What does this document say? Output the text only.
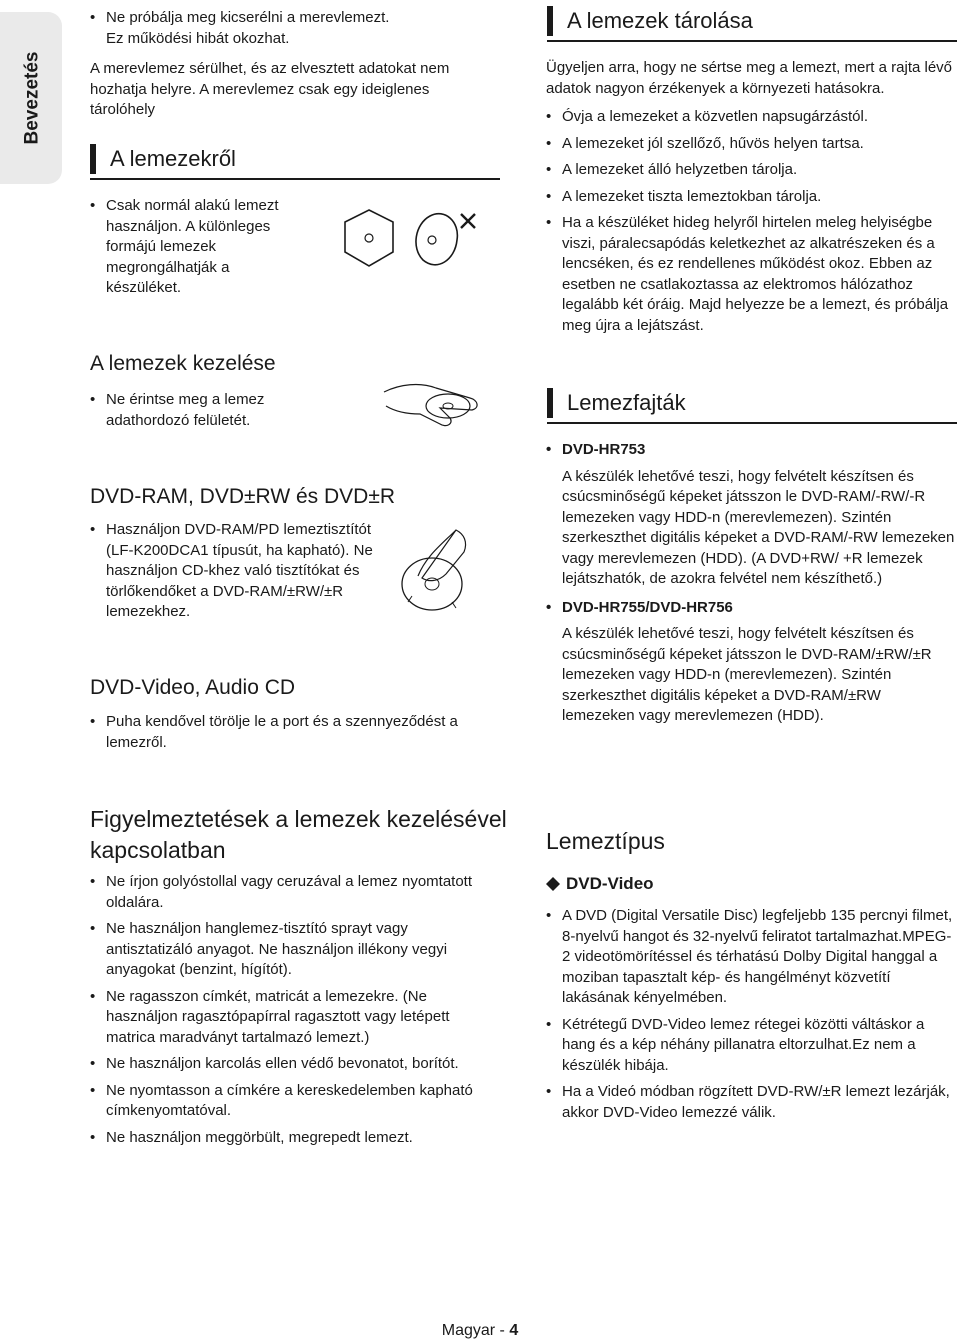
Bevezetés
• Ne próbálja meg kicserélni a merevlemezt.
Ez működési hibát okozhat.

A merevlemez sérülhet, és az elvesztett adatokat nem hozhatja helyre. A merevlemez csak egy ideiglenes tárolóhely

A lemezekről
• Csak normál alakú lemezt használjon. A különleges formájú lemezek megrongálhatják a készüléket.
A lemezek kezelése
• Ne érintse meg a lemez adathordozó felületét.
DVD-RAM, DVD±RW és DVD±R
• Használjon DVD-RAM/PD lemeztisztítót (LF-K200DCA1 típusút, ha kapható). Ne használjon CD-khez való tisztítókat és törlőkendőket a DVD-RAM/±RW/±R lemezekhez.
DVD-Video, Audio CD
• Puha kendővel törölje le a port és a szennyeződést a lemezről.
A lemezek tárolása

Ügyeljen arra, hogy ne sértse meg a lemezt, mert a rajta lévő adatok nagyon érzékenyek a környezeti hatásokra.

• Óvja a lemezeket a közvetlen napsugárzástól.
• A lemezeket jól szellőző, hűvös helyen tartsa.
• A lemezeket álló helyzetben tárolja.
• A lemezeket tiszta lemeztokban tárolja.
• Ha a készüléket hideg helyről hirtelen meleg helyiségbe viszi, páralecsapódás keletkezhet az alkatrészeken és a lencséken, és ez rendellenes működést okoz. Ebben az esetben ne csatlakoztassa az elektromos hálózathoz legalább két óráig. Majd helyezze be a lemezt, és próbálja meg újra a lejátszást.
Lemezfajták
• DVD-HR753
A készülék lehetővé teszi, hogy felvételt készítsen és csúcsminőségű képeket játsszon le DVD-RAM/-RW/-R lemezeken vagy HDD-n (merevlemezen). Szintén szerkeszthet digitális képeket a DVD-RAM/-RW lemezeken vagy merevlemezen (HDD). (A DVD+RW/ +R lemezek lejátszhatók, de azokra felvétel nem készíthető.)
• DVD-HR755/DVD-HR756
A készülék lehetővé teszi, hogy felvételt készítsen és csúcsminőségű képeket játsszon le DVD-RAM/±RW/±R lemezeken vagy HDD-n (merevlemezen). Szintén szerkeszthet digitális képeket a DVD-RAM/±RW lemezeken vagy merevlemezen (HDD).
Figyelmeztetések a lemezek kezelésével kapcsolatban
• Ne írjon golyóstollal vagy ceruzával a lemez nyomtatott oldalára.
• Ne használjon hanglemez-tisztító sprayt vagy antisztatizáló anyagot. Ne használjon illékony vegyi anyagokat (benzint, hígítót).
• Ne ragasszon címkét, matricát a lemezekre. (Ne használjon ragasztópapírral ragasztott vagy letépett matrica maradványt tartalmazó lemezt.)
• Ne használjon karcolás ellen védő bevonatot, borítót.
• Ne nyomtasson a címkére a kereskedelemben kapható címkenyomtatóval.
• Ne használjon meggörbült, megrepedt lemezt.
Lemeztípus
DVD-Video
• A DVD (Digital Versatile Disc) legfeljebb 135 percnyi filmet, 8-nyelvű hangot és 32-nyelvű feliratot tartalmazhat.MPEG-2 videotömörítéssel és térhatású Dolby Digital hanggal a moziban tapasztalt kép- és hangélményt közvetítí lakásának kényelmében.
• Kétrétegű DVD-Video lemez rétegei közötti váltáskor a hang és a kép néhány pillanatra eltorzulhat.Ez nem a készülék hibája.
• Ha a Videó módban rögzített DVD-RW/±R lemezt lezárják, akkor DVD-Video lemezzé válik.
Magyar - 4
